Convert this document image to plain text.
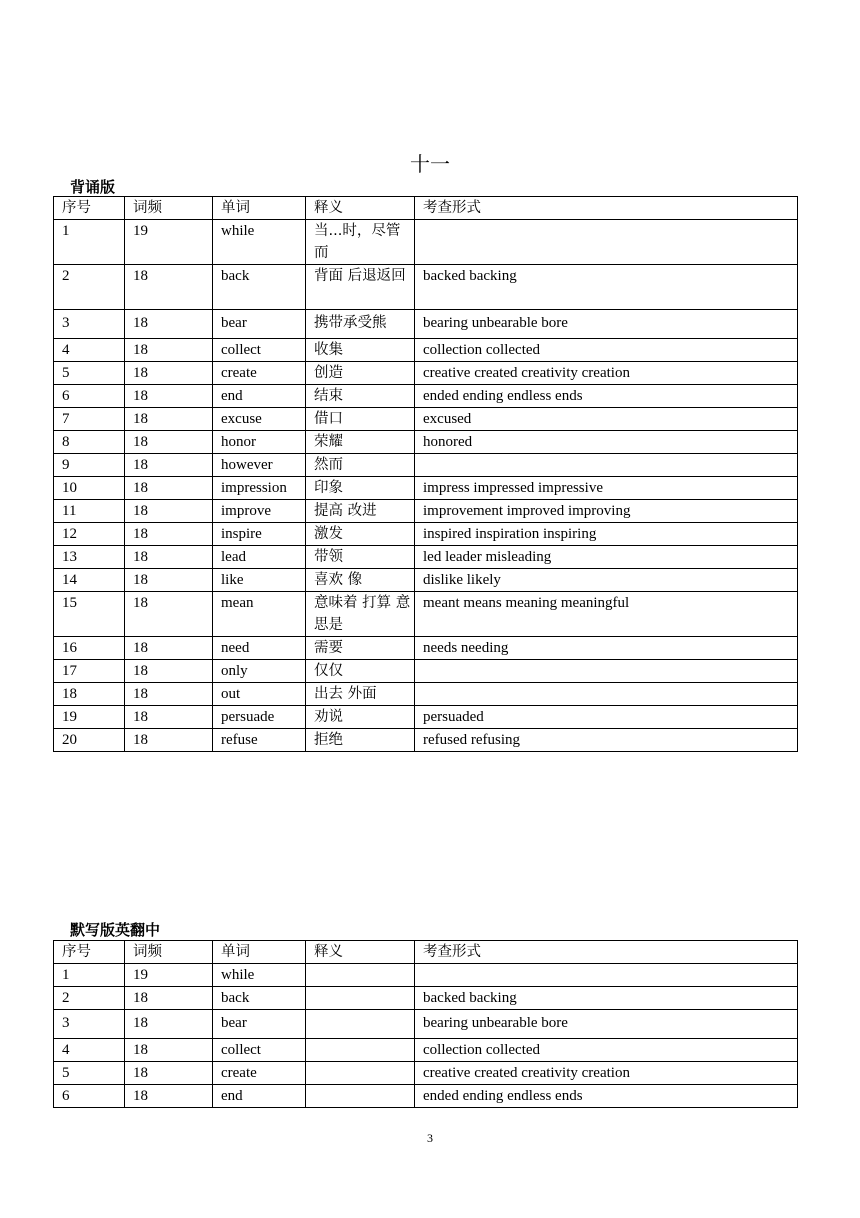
十一
背诵版
序号	词频	单词	释义	考查形式
1	19	while	当...时，尽管而	
2	18	back	背面 后退返回	backed backing
3	18	bear	携带承受熊	bearing unbearable bore
4	18	collect	收集	collection collected
5	18	create	创造	creative created creativity creation
6	18	end	结束	ended ending endless ends
7	18	excuse	借口	excused
8	18	honor	荣耀	honored
9	18	however	然而	
10	18	impression	印象	impress impressed impressive
11	18	improve	提高 改进	improvement improved improving
12	18	inspire	激发	inspired inspiration inspiring
13	18	lead	带领	led leader misleading
14	18	like	喜欢 像	dislike likely
15	18	mean	意味着 打算 意思是	meant means meaning meaningful
16	18	need	需要	needs needing
17	18	only	仅仅	
18	18	out	出去 外面	
19	18	persuade	劝说	persuaded
20	18	refuse	拒绝	refused refusing
默写版英翻中
序号	词频	单词	释义	考查形式
1	19	while		
2	18	back		backed backing
3	18	bear		bearing unbearable bore
4	18	collect		collection collected
5	18	create		creative created creativity creation
6	18	end		ended ending endless ends
3
